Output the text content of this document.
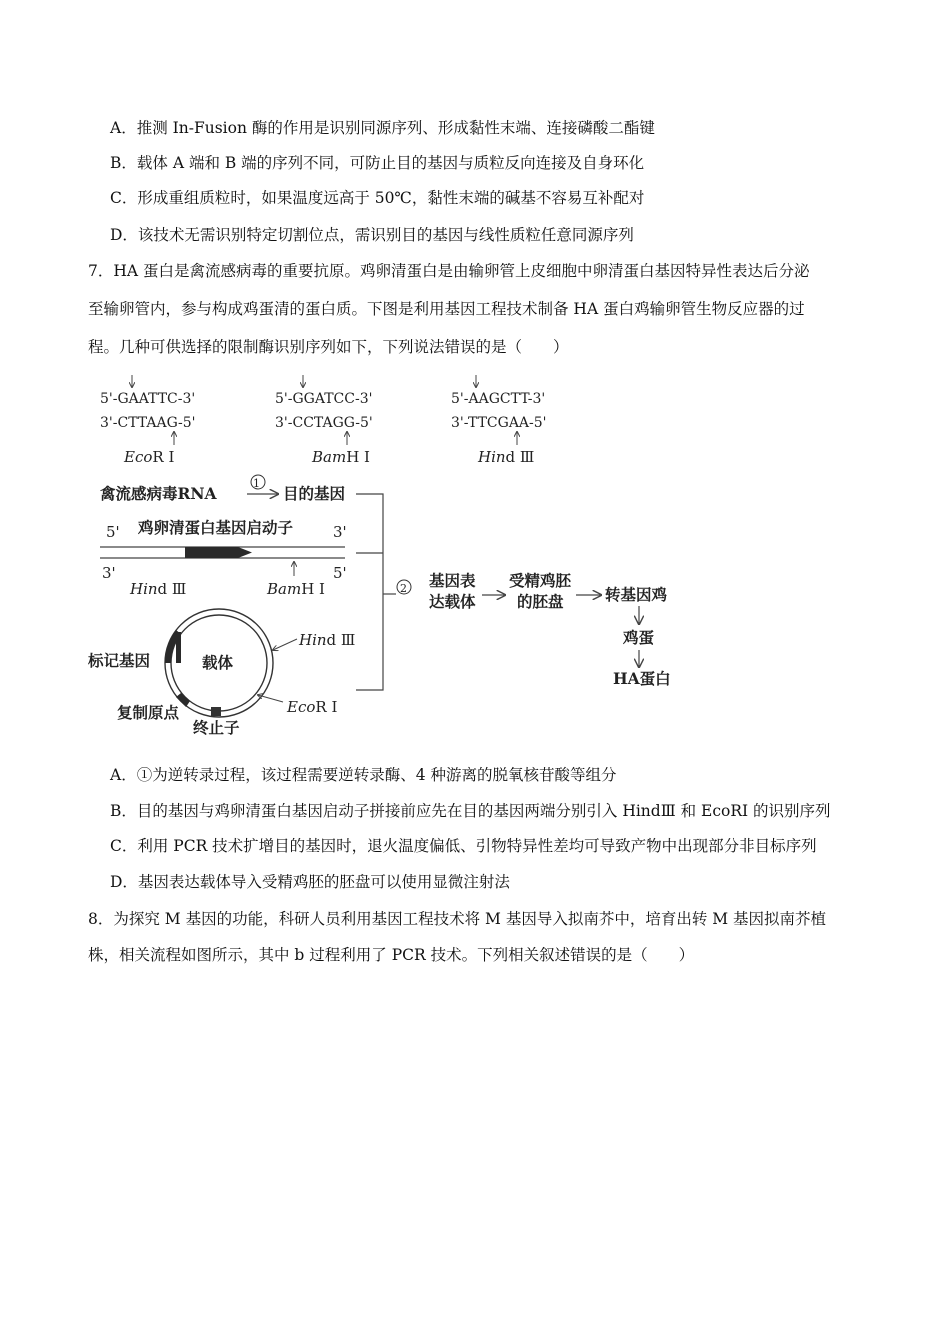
A．推测 In-Fusion 酶的作用是识别同源序列、形成黏性末端、连接磷酸二酯键
B．载体 A 端和 B 端的序列不同，可防止目的基因与质粒反向连接及自身环化
C．形成重组质粒时，如果温度远高于 50℃，黏性末端的碱基不容易互补配对
D．该技术无需识别特定切割位点，需识别目的基因与线性质粒任意同源序列
7．HA 蛋白是禽流感病毒的重要抗原。鸡卵清蛋白是由输卵管上皮细胞中卵清蛋白基因特异性表达后分泌
至输卵管内，参与构成鸡蛋清的蛋白质。下图是利用基因工程技术制备 HA 蛋白鸡输卵管生物反应器的过
程。几种可供选择的限制酶识别序列如下，下列说法错误的是（　　）
5'-GAATTC-3'
3'-CTTAAG-5'
EcoR Ⅰ
5'-GGATCC-3'
3'-CCTAGG-5'
BamH Ⅰ
5'-AAGCTT-3'
3'-TTCGAA-5'
Hind Ⅲ
禽流感病毒RNA
1
目的基因
5' 鸡卵清蛋白基因启动子	3'
3'	5'
Hind Ⅲ	BamH Ⅰ
载体
Hind Ⅲ
EcoR Ⅰ
标记基因
复制原点
终止子
2 基因表
达载体
受精鸡胚
的胚盘	转基因鸡
鸡蛋
HA蛋白
A．①为逆转录过程，该过程需要逆转录酶、4 种游离的脱氧核苷酸等组分
B．目的基因与鸡卵清蛋白基因启动子拼接前应先在目的基因两端分别引入 HindⅢ 和 EcoRI 的识别序列
C．利用 PCR 技术扩增目的基因时，退火温度偏低、引物特异性差均可导致产物中出现部分非目标序列
D．基因表达载体导入受精鸡胚的胚盘可以使用显微注射法
8．为探究 M 基因的功能，科研人员利用基因工程技术将 M 基因导入拟南芥中，培育出转 M 基因拟南芥植
株，相关流程如图所示，其中 b 过程利用了 PCR 技术。下列相关叙述错误的是（　　）
